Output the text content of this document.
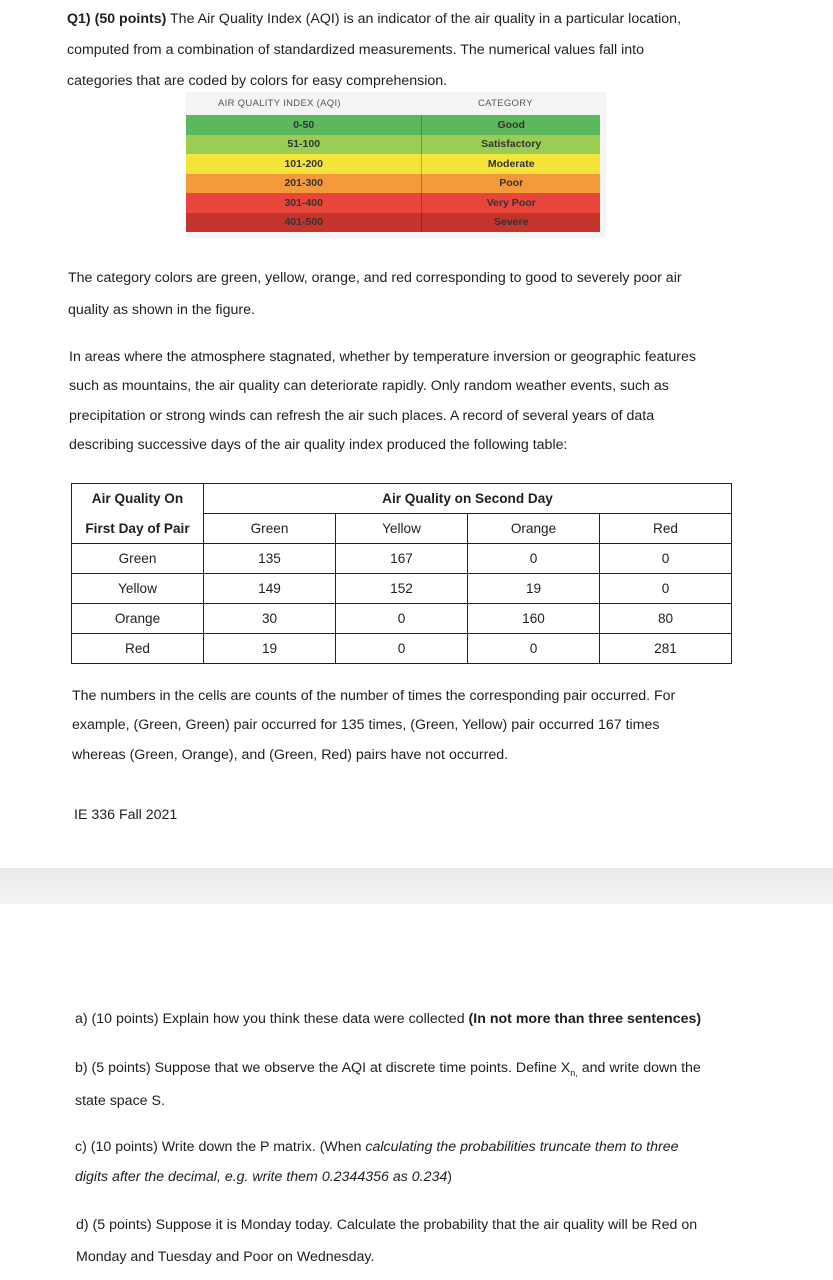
Q1) (50 points) The Air Quality Index (AQI) is an indicator of the air quality in a particular location,

computed from a combination of standardized measurements. The numerical values fall into

categories that are coded by colors for easy comprehension.

AIR QUALITY INDEX (AQI)	CATEGORY
0-50	Good
51-100	Satisfactory
101-200	Moderate
201-300	Poor
301-400	Very Poor
401-500	Severe

The category colors are green, yellow, orange, and red corresponding to good to severely poor air

quality as shown in the figure.

In areas where the atmosphere stagnated, whether by temperature inversion or geographic features

such as mountains, the air quality can deteriorate rapidly. Only random weather events, such as

precipitation or strong winds can refresh the air such places. A record of several years of data

describing successive days of the air quality index produced the following table:

Air Quality On	Air Quality on Second Day			
First Day of Pair	Green	Yellow	Orange	Red
Green	135	167	0	0
Yellow	149	152	19	0
Orange	30	0	160	80
Red	19	0	0	281

The numbers in the cells are counts of the number of times the corresponding pair occurred. For

example, (Green, Green) pair occurred for 135 times, (Green, Yellow) pair occurred 167 times

whereas (Green, Orange), and (Green, Red) pairs have not occurred.

IE 336 Fall 2021

a) (10 points) Explain how you think these data were collected (In not more than three sentences)

b) (5 points) Suppose that we observe the AQI at discrete time points. Define $X_{n,}$ and write down the

state space S.

c) (10 points) Write down the P matrix. (When calculating the probabilities truncate them to three

digits after the decimal, e.g. write them 0.2344356 as 0.234)

d) (5 points) Suppose it is Monday today. Calculate the probability that the air quality will be Red on

Monday and Tuesday and Poor on Wednesday.
